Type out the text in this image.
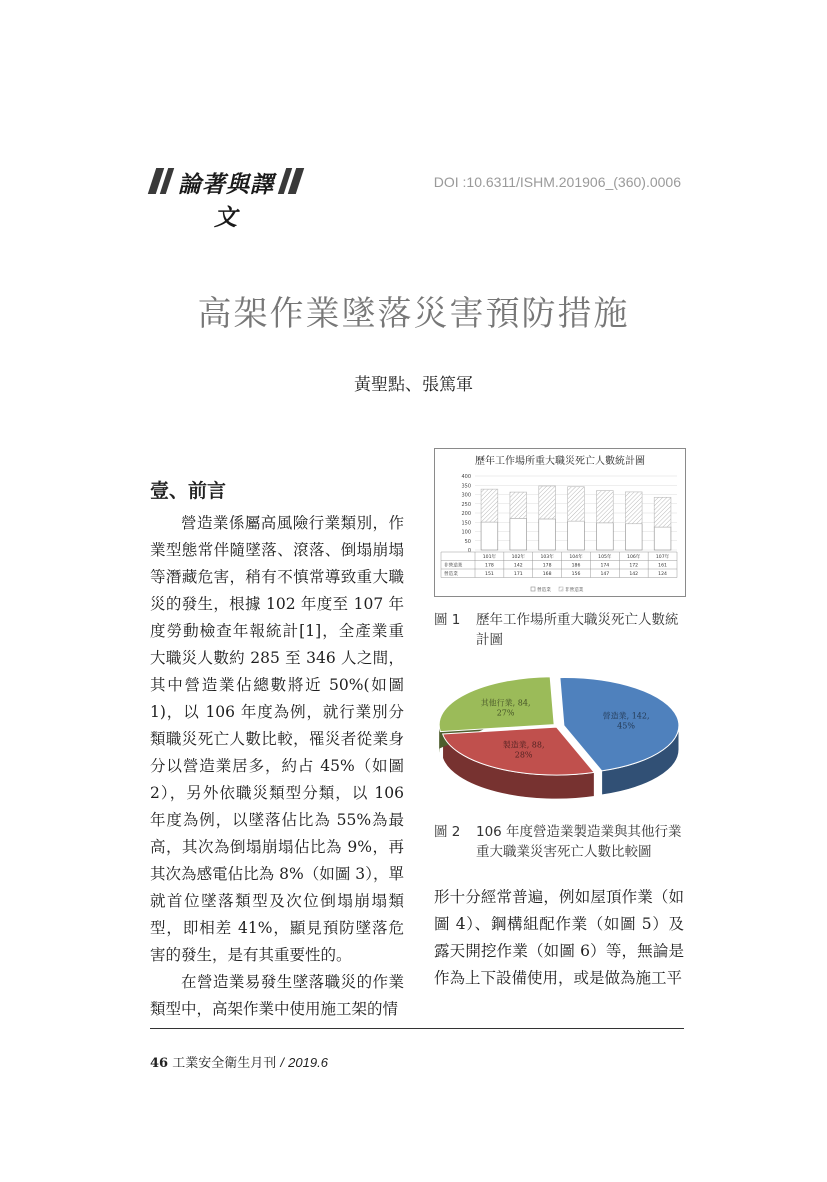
論著與譯文
DOI :10.6311/ISHM.201906_(360).0006
高架作業墜落災害預防措施
黃聖點、張篤軍
壹、前言

營造業係屬高風險行業類別，作業型態常伴隨墜落、滾落、倒塌崩塌等潛藏危害，稍有不慎常導致重大職災的發生，根據 102 年度至 107 年度勞動檢查年報統計[1]，全產業重大職災人數約 285 至 346 人之間，其中營造業佔總數將近 50%(如圖 1)，以 106 年度為例，就行業別分類職災死亡人數比較，罹災者從業身分以營造業居多，約占 45%（如圖 2），另外依職災類型分類，以 106 年度為例，以墜落佔比為 55%為最高，其次為倒塌崩塌佔比為 9%，再其次為感電佔比為 8%（如圖 3），單就首位墜落類型及次位倒塌崩塌類型，即相差 41%，顯見預防墜落危害的發生，是有其重要性的。

在營造業易發生墜落職災的作業類型中，高架作業中使用施工架的情

歷年工作場所重大職災死亡人數統計圖
0
50
100
150
200
250
300
350
400
101年
178
151
102年
142
171
103年
178
168
104年
186
156
105年
174
147
106年
172
142
107年
161
124
非營造業
營造業
營造業	非營造業
圖 1 歷年工作場所重大職災死亡人數統
計圖
營造業, 142, 45%
製造業, 88, 28%
其他行業, 84, 27%
圖 2 106 年度營造業製造業與其他行業
重大職業災害死亡人數比較圖

形十分經常普遍，例如屋頂作業（如圖 4）、鋼構組配作業（如圖 5）及露天開挖作業（如圖 6）等，無論是作為上下設備使用，或是做為施工平

46 工業安全衛生月刊 / 2019.6
